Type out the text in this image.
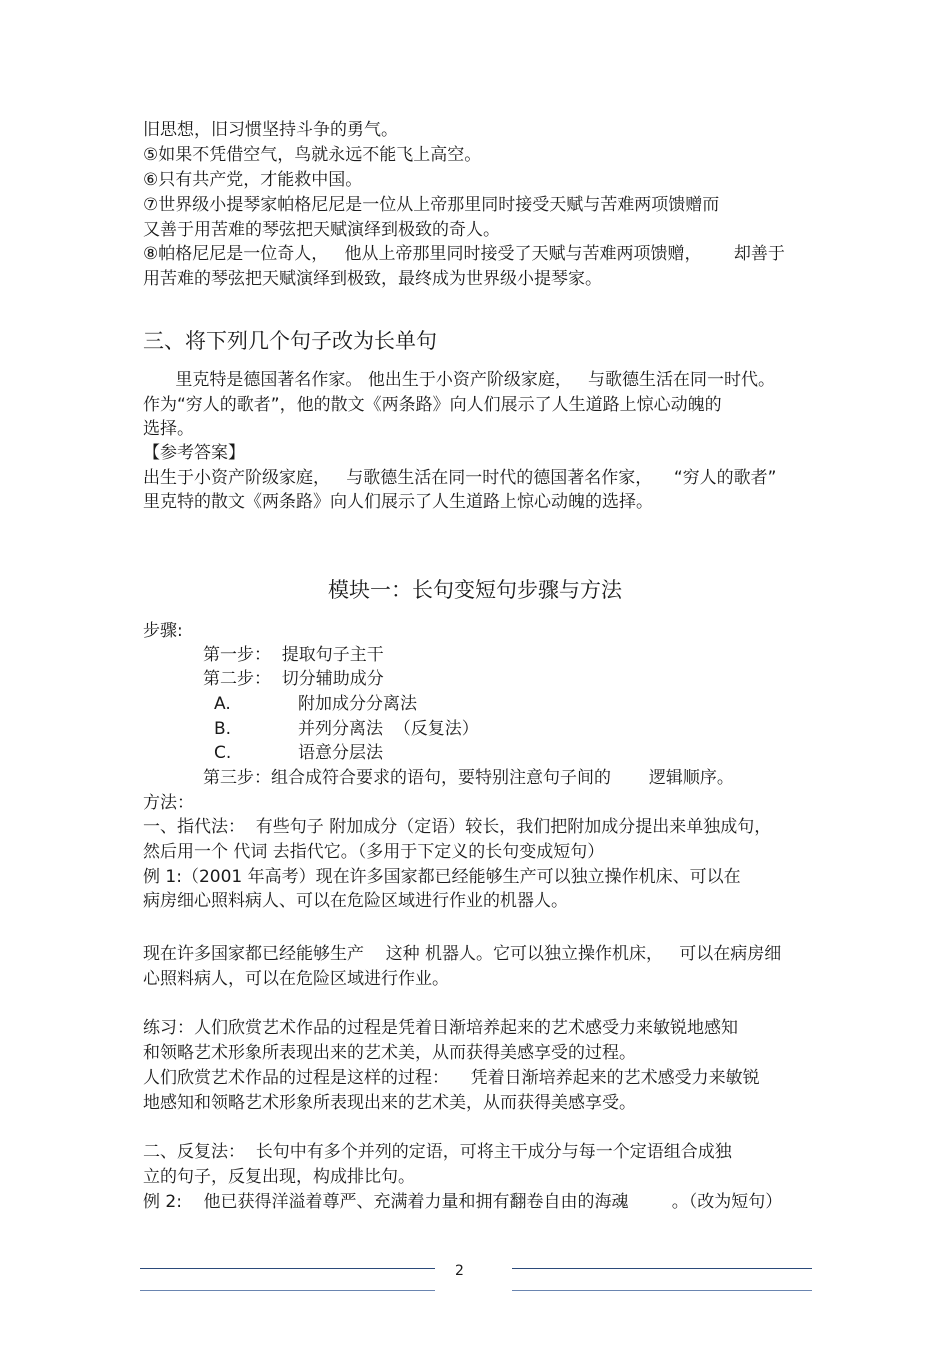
旧思想，旧习惯坚持斗争的勇气。
⑤如果不凭借空气，鸟就永远不能飞上高空。
⑥只有共产党，才能救中国。
⑦世界级小提琴家帕格尼尼是一位从上帝那里同时接受天赋与苦难两项馈赠而
又善于用苦难的琴弦把天赋演绎到极致的奇人。
⑧帕格尼尼是一位奇人，   他从上帝那里同时接受了天赋与苦难两项馈赠，      却善于
用苦难的琴弦把天赋演绎到极致，最终成为世界级小提琴家。
三、将下列几个句子改为长单句
里克特是德国著名作家。 他出生于小资产阶级家庭，   与歌德生活在同一时代。
作为“穷人的歌者”，他的散文《两条路》向人们展示了人生道路上惊心动魄的
选择。
【参考答案】
出生于小资产阶级家庭，   与歌德生活在同一时代的德国著名作家，    “穷人的歌者”
里克特的散文《两条路》向人们展示了人生道路上惊心动魄的选择。
模块一：长句变短句步骤与方法
步骤:
第一步：  提取句子主干
第二步：  切分辅助成分
A.	附加成分分离法
B.	并列分离法  （反复法）
C.	语意分层法
第三步：组合成符合要求的语句，要特别注意句子间的       逻辑顺序。
方法：
一、指代法：  有些句子 附加成分（定语）较长，我们把附加成分提出来单独成句，
然后用一个 代词 去指代它。（多用于下定义的长句变成短句）
例 1:（2001 年高考）现在许多国家都已经能够生产可以独立操作机床、可以在
病房细心照料病人、可以在危险区域进行作业的机器人。
现在许多国家都已经能够生产    这种 机器人。它可以独立操作机床，   可以在病房细
心照料病人，可以在危险区域进行作业。
练习：人们欣赏艺术作品的过程是凭着日渐培养起来的艺术感受力来敏锐地感知
和领略艺术形象所表现出来的艺术美，从而获得美感享受的过程。
人们欣赏艺术作品的过程是这样的过程：    凭着日渐培养起来的艺术感受力来敏锐
地感知和领略艺术形象所表现出来的艺术美，从而获得美感享受。
二、反复法：  长句中有多个并列的定语，可将主干成分与每一个定语组合成独
立的句子，反复出现，构成排比句。
例 2:    他已获得洋溢着尊严、充满着力量和拥有翻卷自由的海魂        。（改为短句）
2
